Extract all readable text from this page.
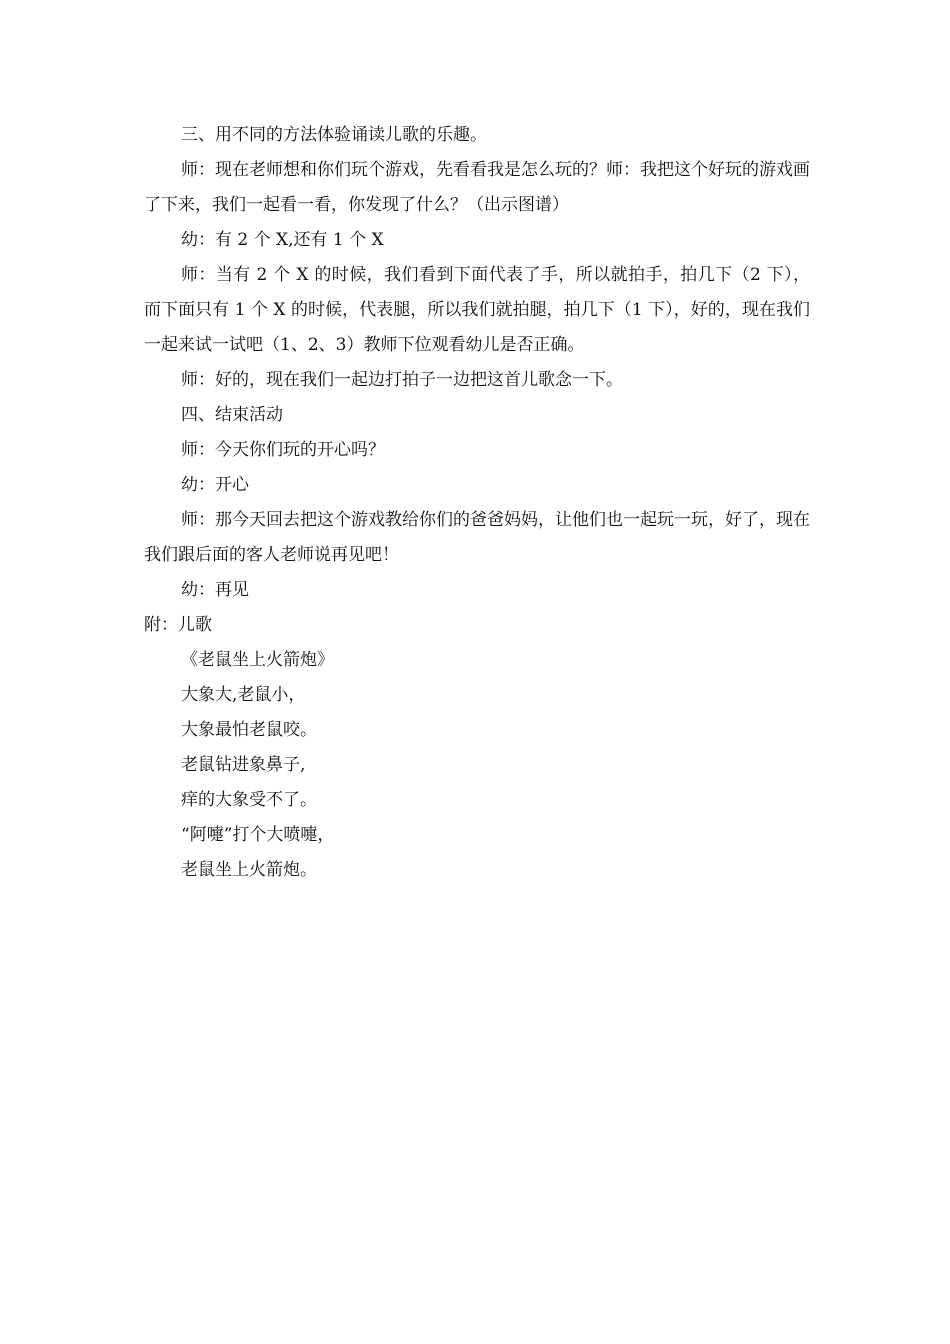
三、用不同的方法体验诵读儿歌的乐趣。

师：现在老师想和你们玩个游戏，先看看我是怎么玩的？师：我把这个好玩的游戏画了下来，我们一起看一看，你发现了什么？（出示图谱）

幼：有 2 个 X,还有 1 个 X

师：当有 2 个 X 的时候，我们看到下面代表了手，所以就拍手，拍几下（2 下），而下面只有 1 个 X 的时候，代表腿，所以我们就拍腿，拍几下（1 下），好的，现在我们一起来试一试吧（1、2、3）教师下位观看幼儿是否正确。

师：好的，现在我们一起边打拍子一边把这首儿歌念一下。

四、结束活动

师：今天你们玩的开心吗？

幼：开心

师：那今天回去把这个游戏教给你们的爸爸妈妈，让他们也一起玩一玩，好了，现在我们跟后面的客人老师说再见吧！

幼：再见

附：儿歌

《老鼠坐上火箭炮》

大象大,老鼠小，

大象最怕老鼠咬。

老鼠钻进象鼻子,

痒的大象受不了。

“阿嚏”打个大喷嚏，

老鼠坐上火箭炮。
